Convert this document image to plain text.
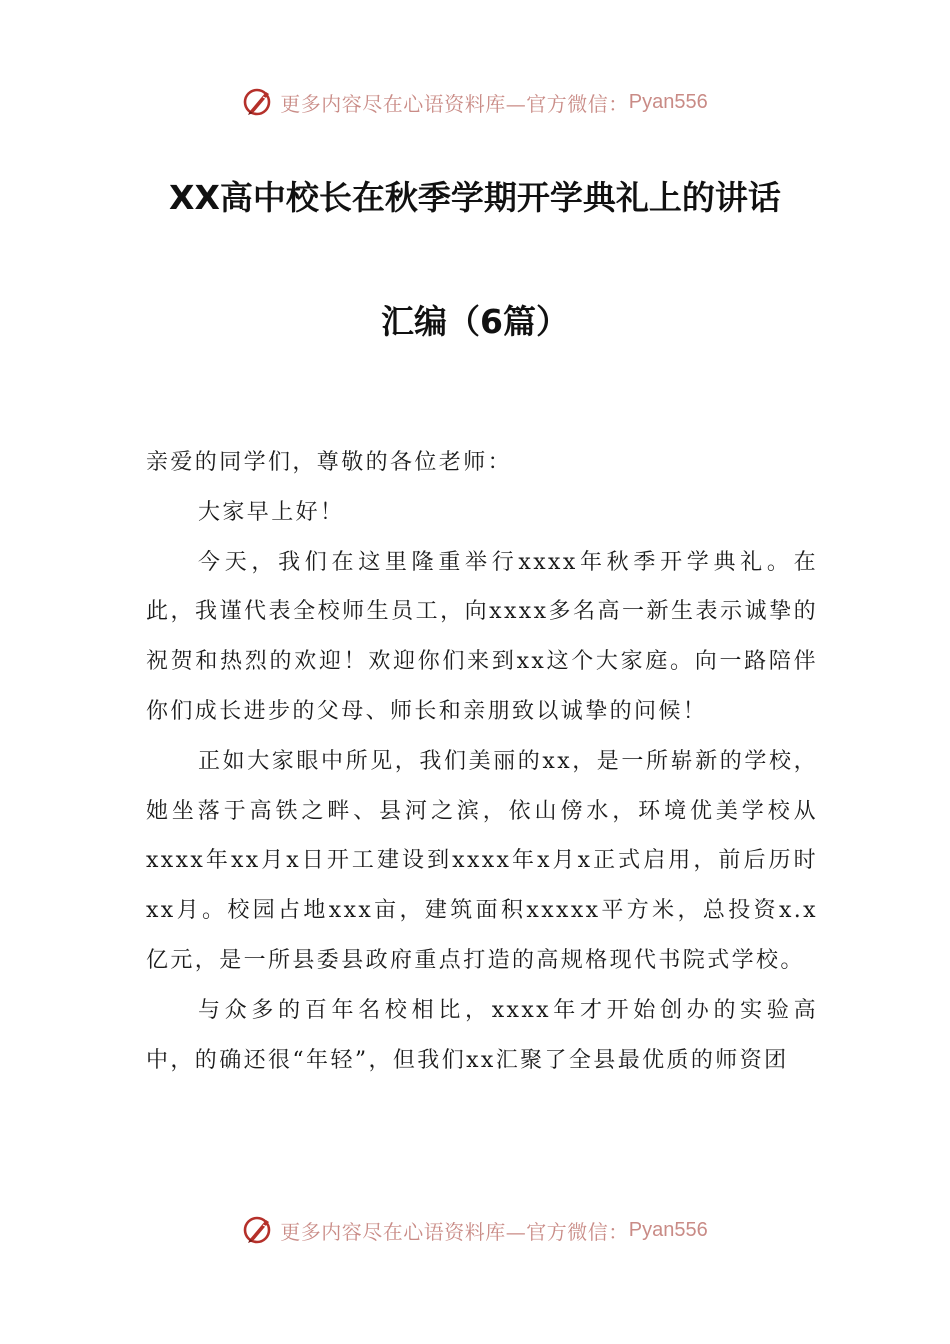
更多内容尽在心语资料库—官方微信： Pyan556
XX高中校长在秋季学期开学典礼上的讲话
汇编（6篇）

亲爱的同学们，尊敬的各位老师：

大家早上好！

今天，我们在这里隆重举行xxxx年秋季开学典礼。在此，我谨代表全校师生员工，向xxxx多名高一新生表示诚挚的祝贺和热烈的欢迎！欢迎你们来到xx这个大家庭。向一路陪伴你们成长进步的父母、师长和亲朋致以诚挚的问候！

正如大家眼中所见，我们美丽的xx，是一所崭新的学校，她坐落于高铁之畔、县河之滨，依山傍水，环境优美学校从xxxx年xx月x日开工建设到xxxx年x月x正式启用，前后历时xx月。校园占地xxx亩，建筑面积xxxxx平方米，总投资x.x亿元，是一所县委县政府重点打造的高规格现代书院式学校。

与众多的百年名校相比，xxxx年才开始创办的实验高中，的确还很“年轻”，但我们xx汇聚了全县最优质的师资团

更多内容尽在心语资料库—官方微信： Pyan556
